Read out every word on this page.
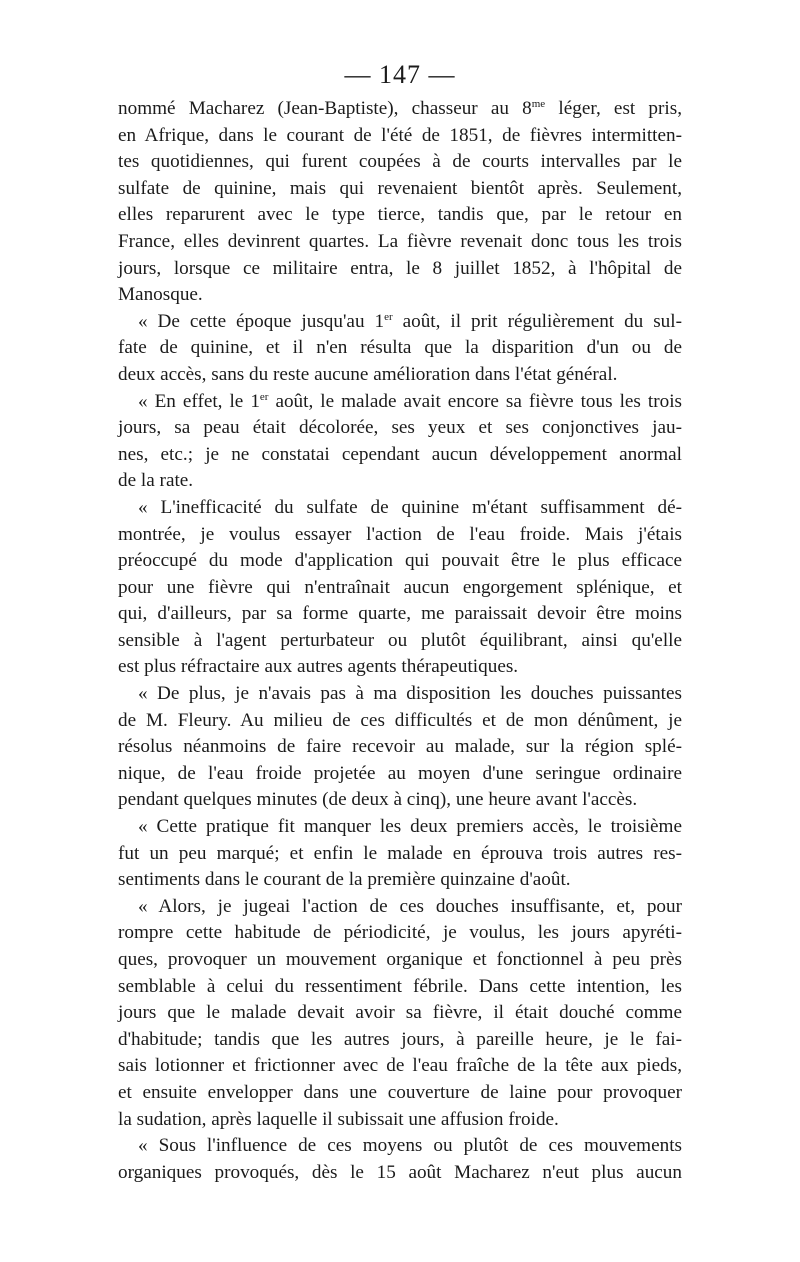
— 147 —
nommé Macharez (Jean-Baptiste), chasseur au $8^{me}$ léger, est pris,
en Afrique, dans le courant de l'été de 1851, de fièvres intermitten-
tes quotidiennes, qui furent coupées à de courts intervalles par le
sulfate de quinine, mais qui revenaient bientôt après. Seulement,
elles reparurent avec le type tierce, tandis que, par le retour en
France, elles devinrent quartes. La fièvre revenait donc tous les trois
jours, lorsque ce militaire entra, le 8 juillet 1852, à l'hôpital de
Manosque.
« De cette époque jusqu'au 1er août, il prit régulièrement du sul-
fate de quinine, et il n'en résulta que la disparition d'un ou de
deux accès, sans du reste aucune amélioration dans l'état général.
« En effet, le 1er août, le malade avait encore sa fièvre tous les trois
jours, sa peau était décolorée, ses yeux et ses conjonctives jau-
nes, etc.; je ne constatai cependant aucun développement anormal
de la rate.
« L'inefficacité du sulfate de quinine m'étant suffisamment dé-
montrée, je voulus essayer l'action de l'eau froide. Mais j'étais
préoccupé du mode d'application qui pouvait être le plus efficace
pour une fièvre qui n'entraînait aucun engorgement splénique, et
qui, d'ailleurs, par sa forme quarte, me paraissait devoir être moins
sensible à l'agent perturbateur ou plutôt équilibrant, ainsi qu'elle
est plus réfractaire aux autres agents thérapeutiques.
« De plus, je n'avais pas à ma disposition les douches puissantes
de M. Fleury. Au milieu de ces difficultés et de mon dénûment, je
résolus néanmoins de faire recevoir au malade, sur la région splé-
nique, de l'eau froide projetée au moyen d'une seringue ordinaire
pendant quelques minutes (de deux à cinq), une heure avant l'accès.
« Cette pratique fit manquer les deux premiers accès, le troisième
fut un peu marqué; et enfin le malade en éprouva trois autres res-
sentiments dans le courant de la première quinzaine d'août.
« Alors, je jugeai l'action de ces douches insuffisante, et, pour
rompre cette habitude de périodicité, je voulus, les jours apyréti-
ques, provoquer un mouvement organique et fonctionnel à peu près
semblable à celui du ressentiment fébrile. Dans cette intention, les
jours que le malade devait avoir sa fièvre, il était douché comme
d'habitude; tandis que les autres jours, à pareille heure, je le fai-
sais lotionner et frictionner avec de l'eau fraîche de la tête aux pieds,
et ensuite envelopper dans une couverture de laine pour provoquer
la sudation, après laquelle il subissait une affusion froide.
« Sous l'influence de ces moyens ou plutôt de ces mouvements
organiques provoqués, dès le 15 août Macharez n'eut plus aucun
